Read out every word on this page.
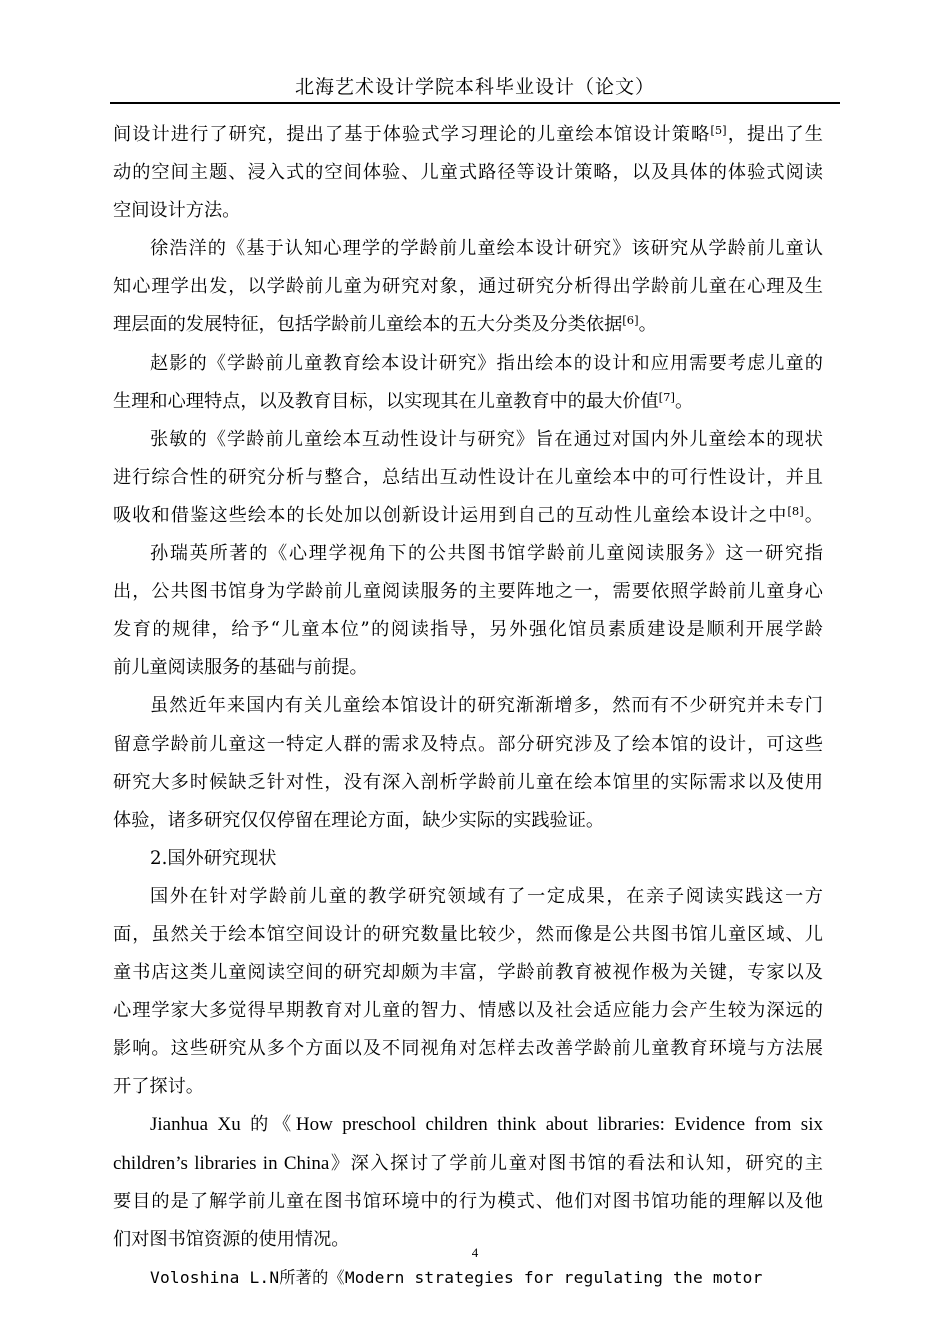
北海艺术设计学院本科毕业设计（论文）
间设计进行了研究，提出了基于体验式学习理论的儿童绘本馆设计策略[5]，提出了生
动的空间主题、浸入式的空间体验、儿童式路径等设计策略，以及具体的体验式阅读
空间设计方法。
徐浩洋的《基于认知心理学的学龄前儿童绘本设计研究》该研究从学龄前儿童认
知心理学出发，以学龄前儿童为研究对象，通过研究分析得出学龄前儿童在心理及生
理层面的发展特征，包括学龄前儿童绘本的五大分类及分类依据[6]。
赵影的《学龄前儿童教育绘本设计研究》指出绘本的设计和应用需要考虑儿童的
生理和心理特点，以及教育目标，以实现其在儿童教育中的最大价值[7]。
张敏的《学龄前儿童绘本互动性设计与研究》旨在通过对国内外儿童绘本的现状
进行综合性的研究分析与整合，总结出互动性设计在儿童绘本中的可行性设计，并且
吸收和借鉴这些绘本的长处加以创新设计运用到自己的互动性儿童绘本设计之中[8]。
孙瑞英所著的《心理学视角下的公共图书馆学龄前儿童阅读服务》这一研究指
出，公共图书馆身为学龄前儿童阅读服务的主要阵地之一，需要依照学龄前儿童身心
发育的规律，给予“儿童本位”的阅读指导，另外强化馆员素质建设是顺利开展学龄
前儿童阅读服务的基础与前提。
虽然近年来国内有关儿童绘本馆设计的研究渐渐增多，然而有不少研究并未专门
留意学龄前儿童这一特定人群的需求及特点。部分研究涉及了绘本馆的设计，可这些
研究大多时候缺乏针对性，没有深入剖析学龄前儿童在绘本馆里的实际需求以及使用
体验，诸多研究仅仅停留在理论方面，缺少实际的实践验证。
2.国外研究现状
国外在针对学龄前儿童的教学研究领域有了一定成果，在亲子阅读实践这一方
面，虽然关于绘本馆空间设计的研究数量比较少，然而像是公共图书馆儿童区域、儿
童书店这类儿童阅读空间的研究却颇为丰富，学龄前教育被视作极为关键，专家以及
心理学家大多觉得早期教育对儿童的智力、情感以及社会适应能力会产生较为深远的
影响。这些研究从多个方面以及不同视角对怎样去改善学龄前儿童教育环境与方法展
开了探讨。
Jianhua Xu 的《How preschool children think about libraries: Evidence from six
children’s libraries in China》深入探讨了学前儿童对图书馆的看法和认知，研究的主
要目的是了解学前儿童在图书馆环境中的行为模式、他们对图书馆功能的理解以及他
们对图书馆资源的使用情况。
Voloshina L.N所著的《Modern strategies for regulating the motor
4
